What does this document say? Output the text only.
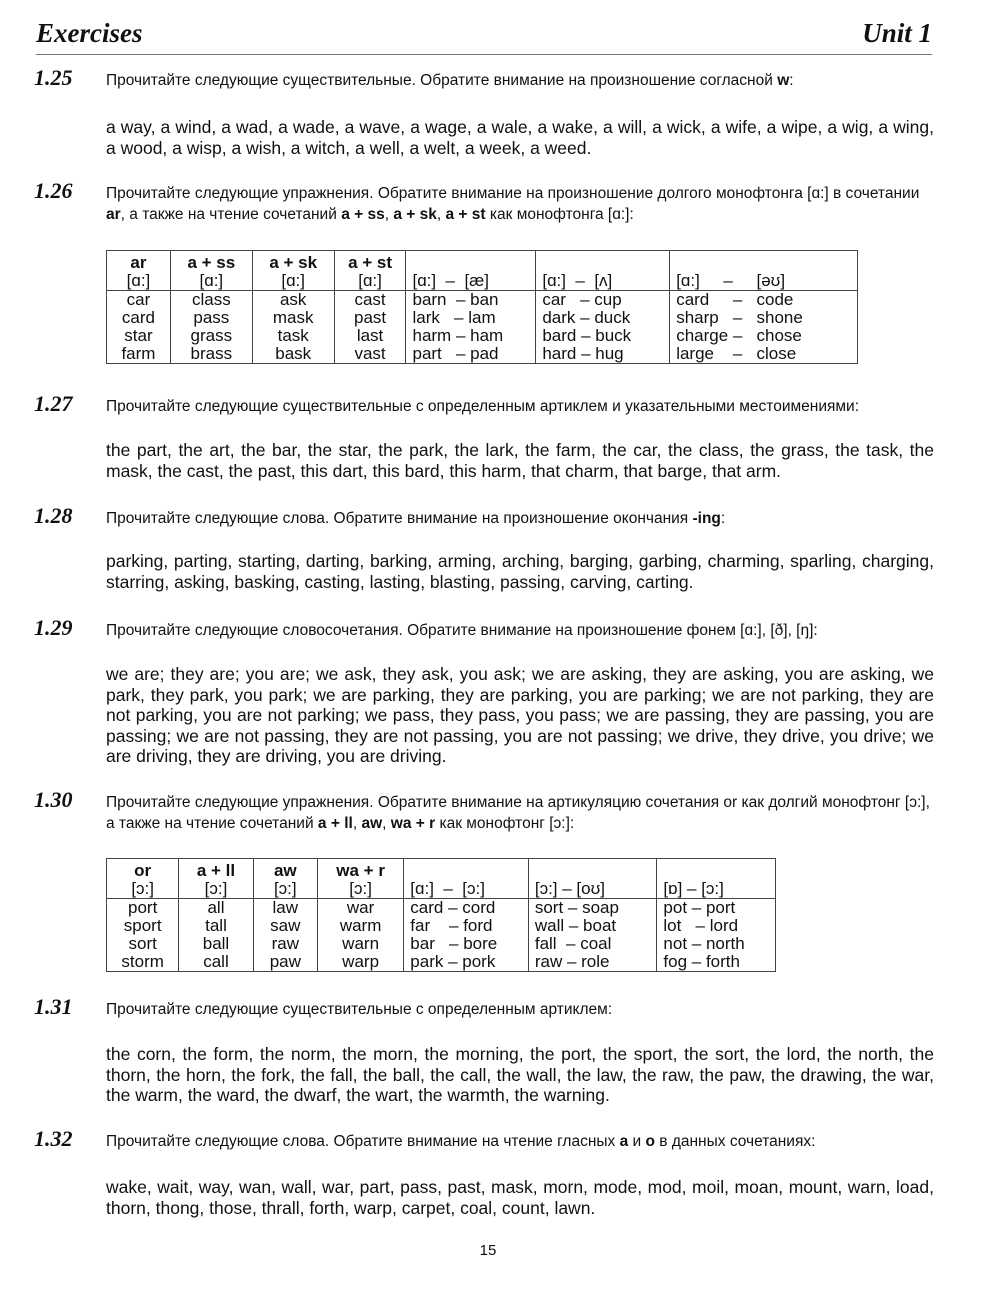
Exercises	Unit 1
1.25 Прочитайте следующие существительные. Обратите внимание на произношение согласной w:
a way, a wind, a wad, a wade, a wave, a wage, a wale, a wake, a will, a wick, a wife, a wipe, a wig, a wing, a wood, a wisp, a wish, a witch, a well, a welt, a week, a weed.
1.26 Прочитайте следующие упражнения. Обратите внимание на произношение долгого монофтонга [ɑ:] в сочетании ar, а также на чтение сочетаний a + ss, a + sk, a + st как монофтонга [ɑ:]:
ar	a + ss	a + sk	a + st			
[ɑ:]	[ɑ:]	[ɑ:]	[ɑ:]	[ɑ:]  –  [æ]	[ɑ:]  –  [ʌ]	[ɑ:]     –     [əʊ]
car	class	ask	cast	barn  – ban	car   – cup	card     –   code
card	pass	mask	past	lark   – lam	dark – duck	sharp   –   shone
star	grass	task	last	harm – ham	bard – buck	charge –   chose
farm	brass	bask	vast	part   – pad	hard – hug	large    –   close
1.27 Прочитайте следующие существительные с определенным артиклем и указательными местоимениями:
the part, the art, the bar, the star, the park, the lark, the farm, the car, the class, the grass, the task, the mask, the cast, the past, this dart, this bard, this harm, that charm, that barge, that arm.
1.28 Прочитайте следующие слова. Обратите внимание на произношение окончания -ing:
parking, parting, starting, darting, barking, arming, arching, barging, garbing, charming, sparling, charging, starring, asking, basking, casting, lasting, blasting, passing, carving, carting.
1.29 Прочитайте следующие словосочетания. Обратите внимание на произношение фонем [ɑ:], [ð], [ŋ]:
we are; they are; you are; we ask, they ask, you ask; we are asking, they are asking, you are asking, we park, they park, you park; we are parking, they are parking, you are parking; we are not parking, they are not parking, you are not parking; we pass, they pass, you pass; we are passing, they are passing, you are passing; we are not passing, they are not passing, you are not passing; we drive, they drive, you drive; we are driving, they are driving, you are driving.
1.30 Прочитайте следующие упражнения. Обратите внимание на артикуляцию сочетания or как долгий монофтонг [ɔ:], а также на чтение сочетаний a + ll, aw, wa + r как монофтонг [ɔ:]:
or	a + ll	aw	wa + r			
[ɔ:]	[ɔ:]	[ɔ:]	[ɔ:]	[ɑ:]  –  [ɔ:]	[ɔ:] – [oʊ]	[ɒ] – [ɔ:]
port	all	law	war	card – cord	sort – soap	pot – port
sport	tall	saw	warm	far    – ford	wall – boat	lot   – lord
sort	ball	raw	warn	bar   – bore	fall  – coal	not – north
storm	call	paw	warp	park – pork	raw – role	fog – forth
1.31 Прочитайте следующие существительные с определенным артиклем:
the corn, the form, the norm, the morn, the morning, the port, the sport, the sort, the lord, the north, the thorn, the horn, the fork, the fall, the ball, the call, the wall, the law, the raw, the paw, the drawing, the war, the warm, the ward, the dwarf, the wart, the warmth, the warning.
1.32 Прочитайте следующие слова. Обратите внимание на чтение гласных a и o в данных сочетаниях:
wake, wait, way, wan, wall, war, part, pass, past, mask, morn, mode, mod, moil, moan, mount, warn, load, thorn, thong, those, thrall, forth, warp, carpet, coal, count, lawn.
15
